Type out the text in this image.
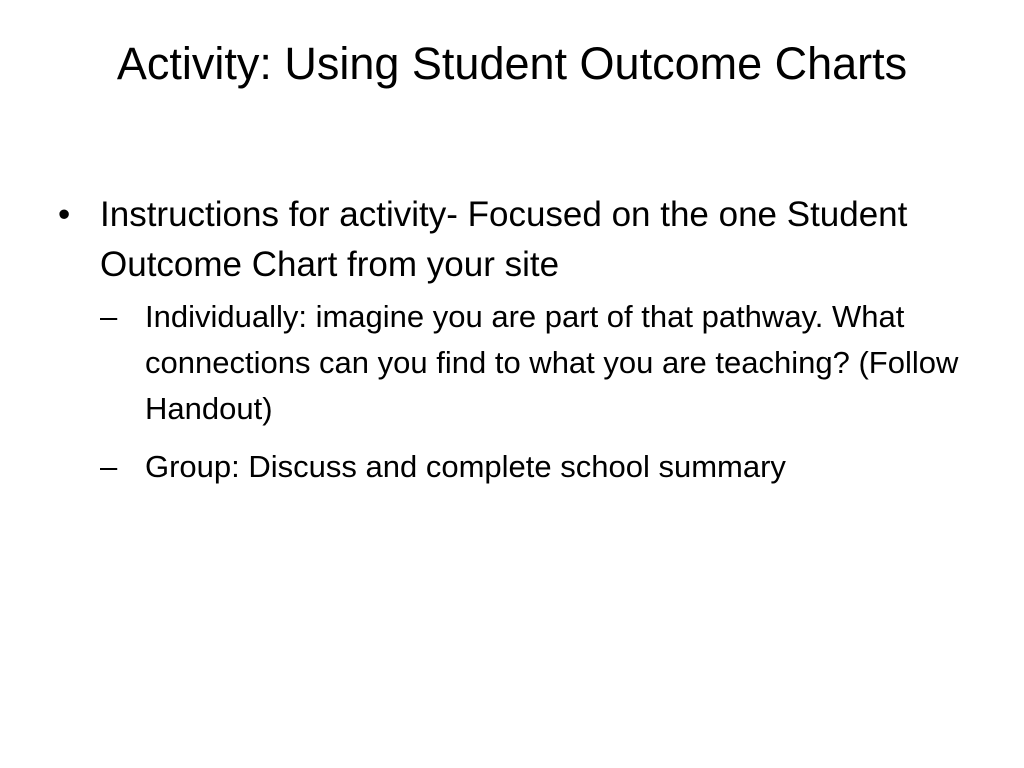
Activity: Using Student Outcome Charts
• Instructions for activity- Focused on the one Student Outcome Chart from your site
– Individually: imagine you are part of that pathway. What connections can you find to what you are teaching? (Follow Handout)
– Group: Discuss and complete school summary
